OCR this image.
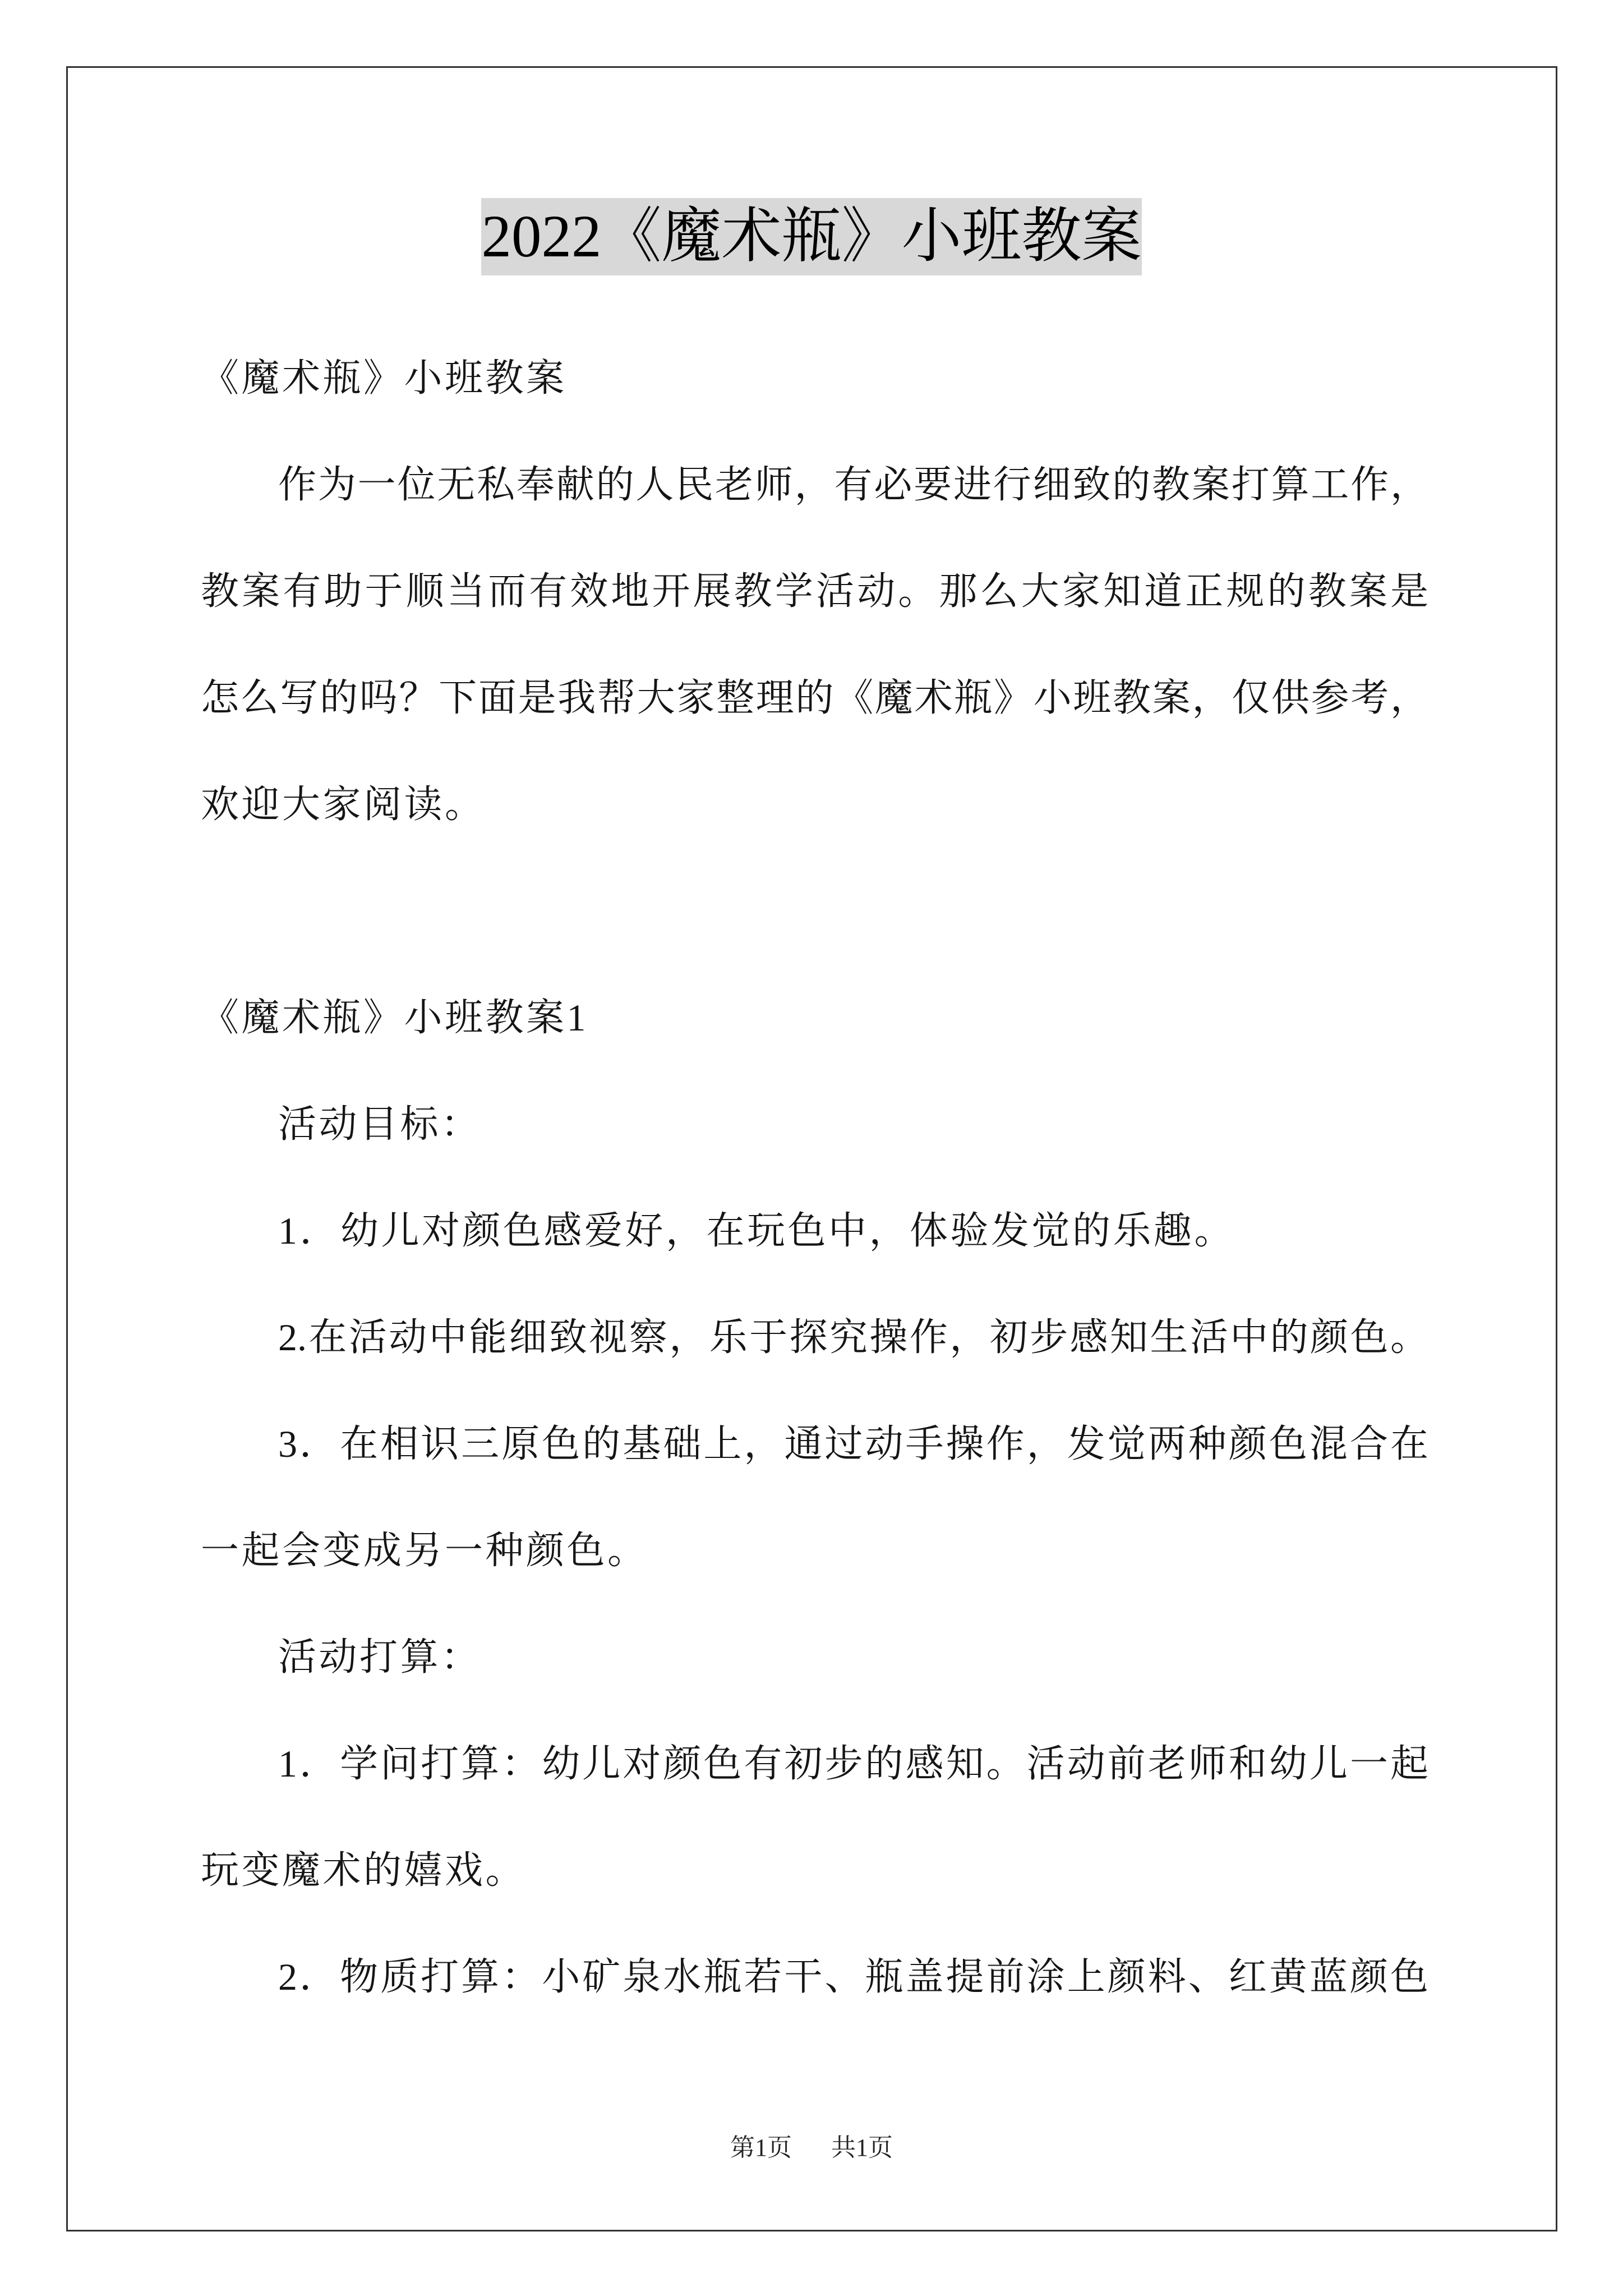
2022《魔术瓶》小班教案
《魔术瓶》小班教案
作为一位无私奉献的人民老师，有必要进行细致的教案打算工作，
教案有助于顺当而有效地开展教学活动。那么大家知道正规的教案是
怎么写的吗？下面是我帮大家整理的《魔术瓶》小班教案，仅供参考，
欢迎大家阅读。
《魔术瓶》小班教案1
活动目标：
1．幼儿对颜色感爱好，在玩色中，体验发觉的乐趣。
2.在活动中能细致视察，乐于探究操作，初步感知生活中的颜色。
3．在相识三原色的基础上，通过动手操作，发觉两种颜色混合在
一起会变成另一种颜色。
活动打算：
1．学问打算：幼儿对颜色有初步的感知。活动前老师和幼儿一起
玩变魔术的嬉戏。
2．物质打算：小矿泉水瓶若干、瓶盖提前涂上颜料、红黄蓝颜色
第1页 共1页
